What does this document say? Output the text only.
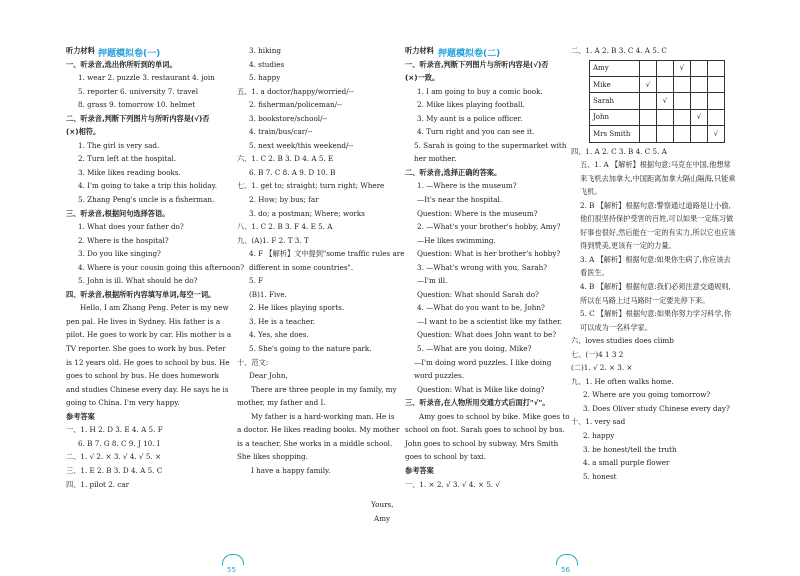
押题模拟卷(一)

听力材料

一、听录音,选出你所听到的单词。

1. wear 2. puzzle 3. restaurant 4. join

5. reporter 6. university 7. travel

8. grass 9. tomorrow 10. helmet

二、听录音,判断下列图片与所听内容是(√)否

(×)相符。

1. The girl is very sad.

2. Turn left at the hospital.

3. Mike likes reading books.

4. I'm going to take a trip this holiday.

5. Zhang Peng's uncle is a fisherman.

三、听录音,根据问句选择答语。

1. What does your father do?

2. Where is the hospital?

3. Do you like singing?

4. Where is your cousin going this afternoon?

5. John is ill. What should he do?

四、听录音,根据所听内容填写单词,每空一词。

Hello, I am Zhang Peng. Peter is my new pen pal. He lives in Sydney. His father is a pilot. He goes to work by car. His mother is a TV reporter. She goes to work by bus. Peter is 12 years old. He goes to school by bus. He goes to school by bus. He does homework and studies Chinese every day. He says he is going to China. I'm very happy.

参考答案

一、1. H 2. D 3. E 4. A 5. F

6. B 7. G 8. C 9. J 10. I

二、1. √ 2. × 3. √ 4. √ 5. ×

三、1. E 2. B 3. D 4. A 5. C

四、1. pilot 2. car

3. hiking

4. studies

5. happy

五、1. a doctor/happy/worried/--

2. fisherman/policeman/--

3. bookstore/school/--

4. train/bus/car/--

5. next week/this weekend/--

六、1. C 2. B 3. D 4. A 5. E

6. B 7. C 8. A 9. D 10. B

七、1. get to; straight; turn right; Where

2. How; by bus; far

3. do; a postman; Where; works

八、1. C 2. B 3. F 4. E 5. A

九、(A)1. F 2. T 3. T

4. F 【解析】文中提到"some traffic rules are

different in some countries".

5. F

(B)1. Five.

2. He likes playing sports.

3. He is a teacher.

4. Yes, she does.

5. She's going to the nature park.

十、范文:

Dear John,

There are three people in my family, my mother, my father and I.

My father is a hard-working man. He is a doctor. He likes reading books. My mother is a teacher. She works in a middle school. She likes shopping.

I have a happy family.

Yours,

Amy

55
押题模拟卷(二)

听力材料

一、听录音,判断下列图片与所听内容是(√)否

(×)一致。

1. I am going to buy a comic book.

2. Mike likes playing football.

3. My aunt is a police officer.

4. Turn right and you can see it.

5. Sarah is going to the supermarket with her mother.

二、听录音,选择正确的答案。

1. —Where is the museum?

—It's near the hospital.

Question: Where is the museum?

2. —What's your brother's hobby, Amy?

—He likes swimming.

Question: What is her brother's hobby?

3. —What's wrong with you, Sarah?

—I'm ill.

Question: What should Sarah do?

4. —What do you want to be, John?

—I want to be a scientist like my father.

Question: What does John want to be?

5. —What are you doing, Mike?

—I'm doing word puzzles. I like doing word puzzles.

Question: What is Mike like doing?

三、听录音,在人物所用交通方式后面打"√"。

Amy goes to school by bike. Mike goes to school on foot. Sarah goes to school by bus. John goes to school by subway. Mrs Smith goes to school by taxi.

参考答案

一、1. × 2. √ 3. √ 4. × 5. √

二、1. A 2. B 3. C 4. A 5. C

Amy			√		
Mike	√				
Sarah		√			
John				√	
Mrs Smith					√

四、1. A 2. C 3. B 4. C 5. A

五、1. A 【解析】根据句意:马克在中国,他想常来飞机去加拿大,中国距离加拿大隔山隔海,只能乘飞机。

2. B 【解析】根据句意:警察通过道路是让小偷,他们很坚持保护受害的百姓,可以如果一定练习做好事也很好,然后能在一定的有实力,所以它也应该得到赞美,更该有一定的力量。

3. A 【解析】根据句意:如果你生病了,你应该去看医生。

4. B 【解析】根据句意:我们必须注意交通规则,所以在马路上过马路时一定要先停下来。

5. C 【解析】根据句意:如果你努力学习科学,你可以成为一名科学家。

六、loves studies does climb

七、(一)4 1 3 2

(二)1. √ 2. × 3. ×

九、1. He often walks home.

2. Where are you going tomorrow?

3. Does Oliver study Chinese every day?

十、1. very sad

2. happy

3. be honest/tell the truth

4. a small purple flower

5. honest

56
